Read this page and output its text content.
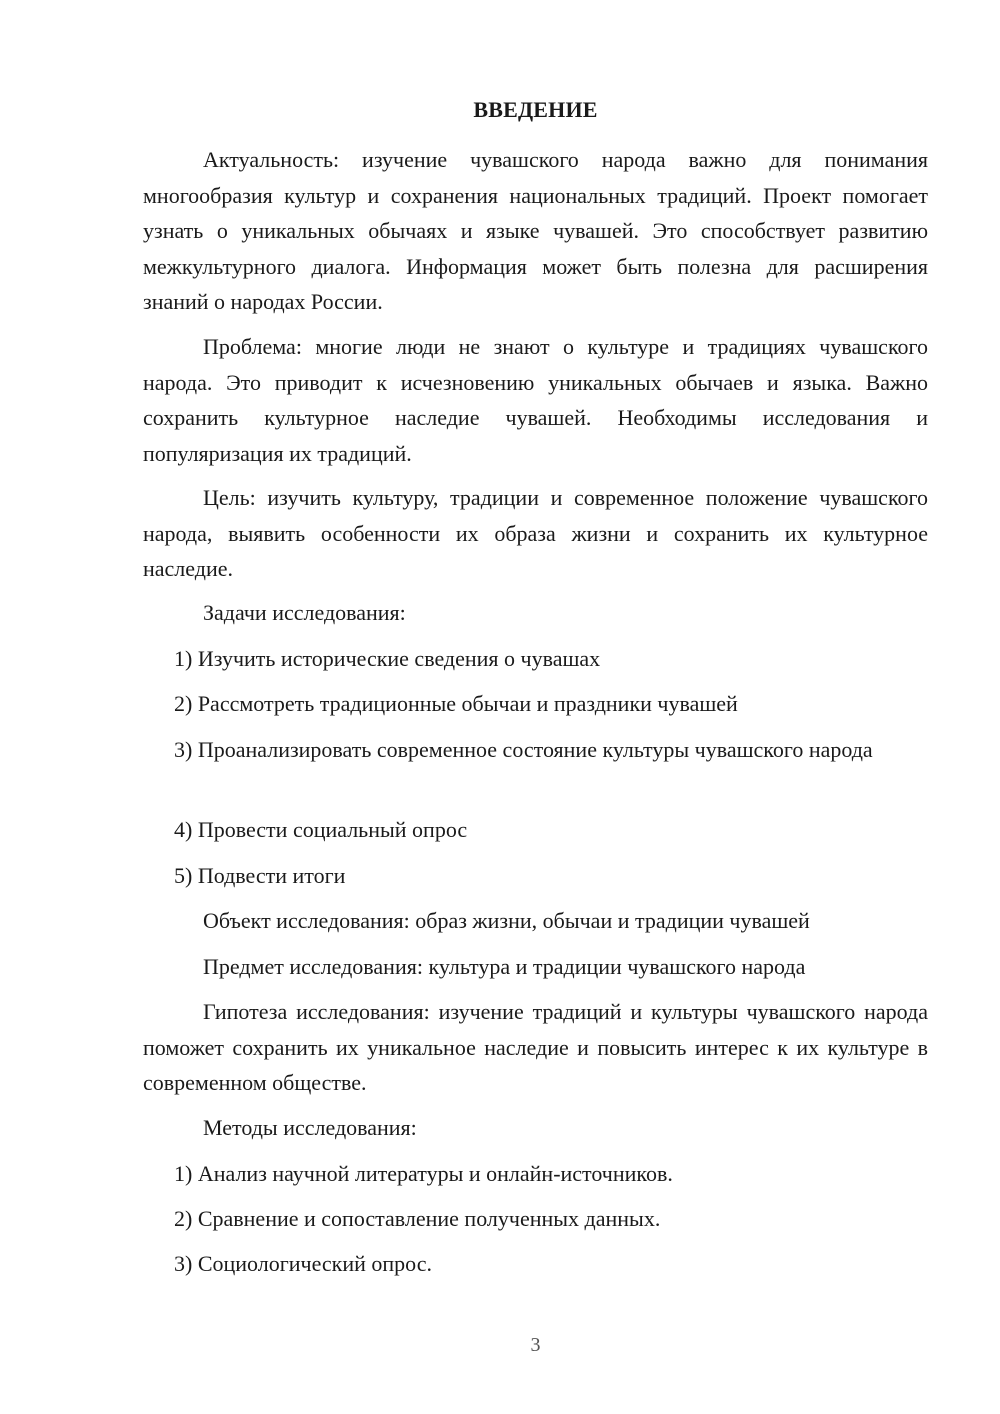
ВВЕДЕНИЕ

Актуальность: изучение чувашского народа важно для понимания многообразия культур и сохранения национальных традиций. Проект помогает узнать о уникальных обычаях и языке чувашей. Это способствует развитию межкультурного диалога. Информация может быть полезна для расширения знаний о народах России.

Проблема: многие люди не знают о культуре и традициях чувашского народа. Это приводит к исчезновению уникальных обычаев и языка. Важно сохранить культурное наследие чувашей. Необходимы исследования и популяризация их традиций.

Цель: изучить культуру, традиции и современное положение чувашского народа, выявить особенности их образа жизни и сохранить их культурное наследие.

Задачи исследования:

1) Изучить исторические сведения о чувашах

2) Рассмотреть традиционные обычаи и праздники чувашей

3) Проанализировать современное состояние культуры чувашского народа

4) Провести социальный опрос

5) Подвести итоги

Объект исследования: образ жизни, обычаи и традиции чувашей

Предмет исследования: культура и традиции чувашского народа

Гипотеза исследования: изучение традиций и культуры чувашского народа поможет сохранить их уникальное наследие и повысить интерес к их культуре в современном обществе.

Методы исследования:

1) Анализ научной литературы и онлайн-источников.

2) Сравнение и сопоставление полученных данных.

3) Социологический опрос.

3
